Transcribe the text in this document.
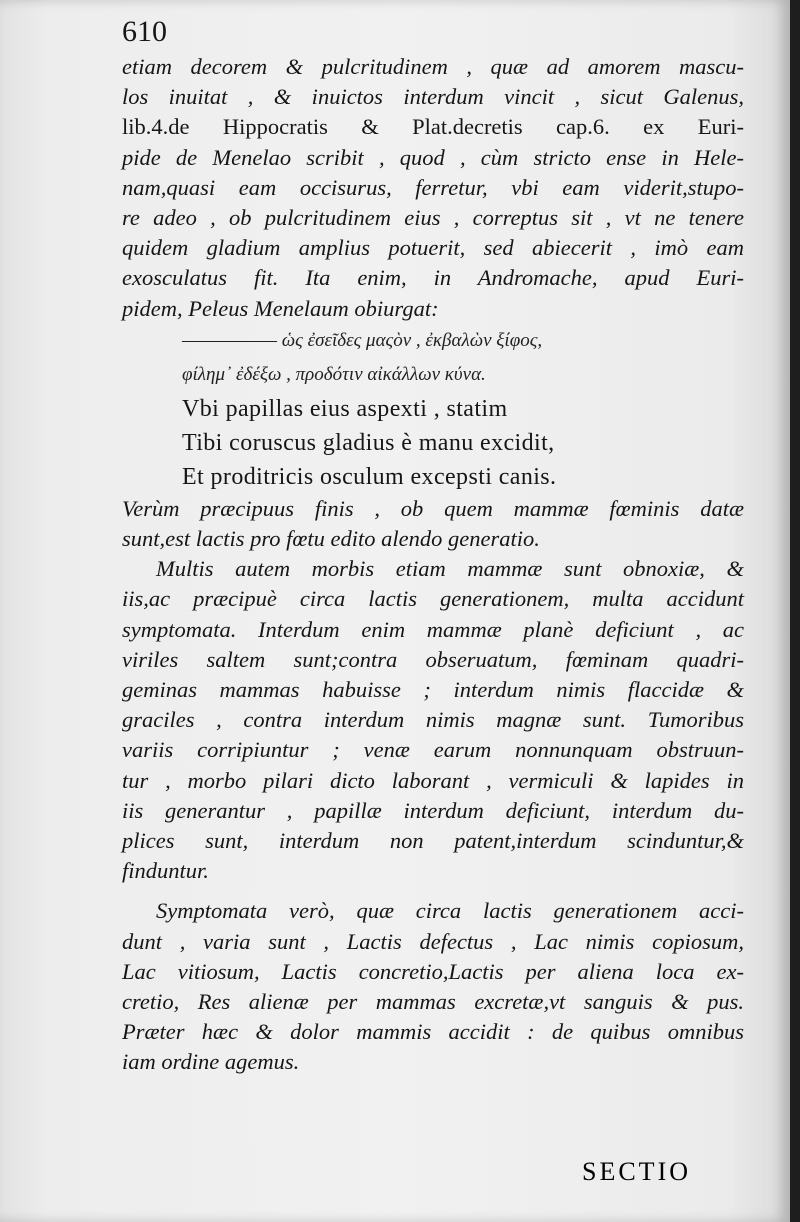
610
etiam decorem & pulcritudinem , quæ ad amorem mascu-
los inuitat , & inuictos interdum vincit , sicut Galenus,
lib.4.de Hippocratis & Plat.decretis cap.6. ex Euri-
pide de Menelao scribit , quod , cùm stricto ense in Hele-
nam,quasi eam occisurus, ferretur, vbi eam viderit,stupo-
re adeo , ob pulcritudinem eius , correptus sit , vt ne tenere
quidem gladium amplius potuerit, sed abiecerit , imò eam
exosculatus fit. Ita enim, in Andromache, apud Euri-
pidem, Peleus Menelaum obiurgat:
――――― ὡς ἐσεῖδες μαςὸν , ἐκβαλὼν ξίφος,
φίλημ᾽ ἐδέξω , προδότιν αἰκάλλων κύνα.
Vbi papillas eius aspexti , statim
Tibi coruscus gladius è manu excidit,
Et proditricis osculum excepsti canis.
Verùm præcipuus finis , ob quem mammæ fœminis datæ
sunt,est lactis pro fœtu edito alendo generatio.
Multis autem morbis etiam mammæ sunt obnoxiæ, &
iis,ac præcipuè circa lactis generationem, multa accidunt
symptomata. Interdum enim mammæ planè deficiunt , ac
viriles saltem sunt;contra obseruatum, fœminam quadri-
geminas mammas habuisse ; interdum nimis flaccidæ &
graciles , contra interdum nimis magnæ sunt. Tumoribus
variis corripiuntur ; venæ earum nonnunquam obstruun-
tur , morbo pilari dicto laborant , vermiculi & lapides in
iis generantur , papillæ interdum deficiunt, interdum du-
plices sunt, interdum non patent,interdum scinduntur,&
finduntur.
Symptomata verò, quæ circa lactis generationem acci-
dunt , varia sunt , Lactis defectus , Lac nimis copiosum,
Lac vitiosum, Lactis concretio,Lactis per aliena loca ex-
cretio, Res alienæ per mammas excretæ,vt sanguis & pus.
Præter hæc & dolor mammis accidit : de quibus omnibus
iam ordine agemus.
SECTIO
